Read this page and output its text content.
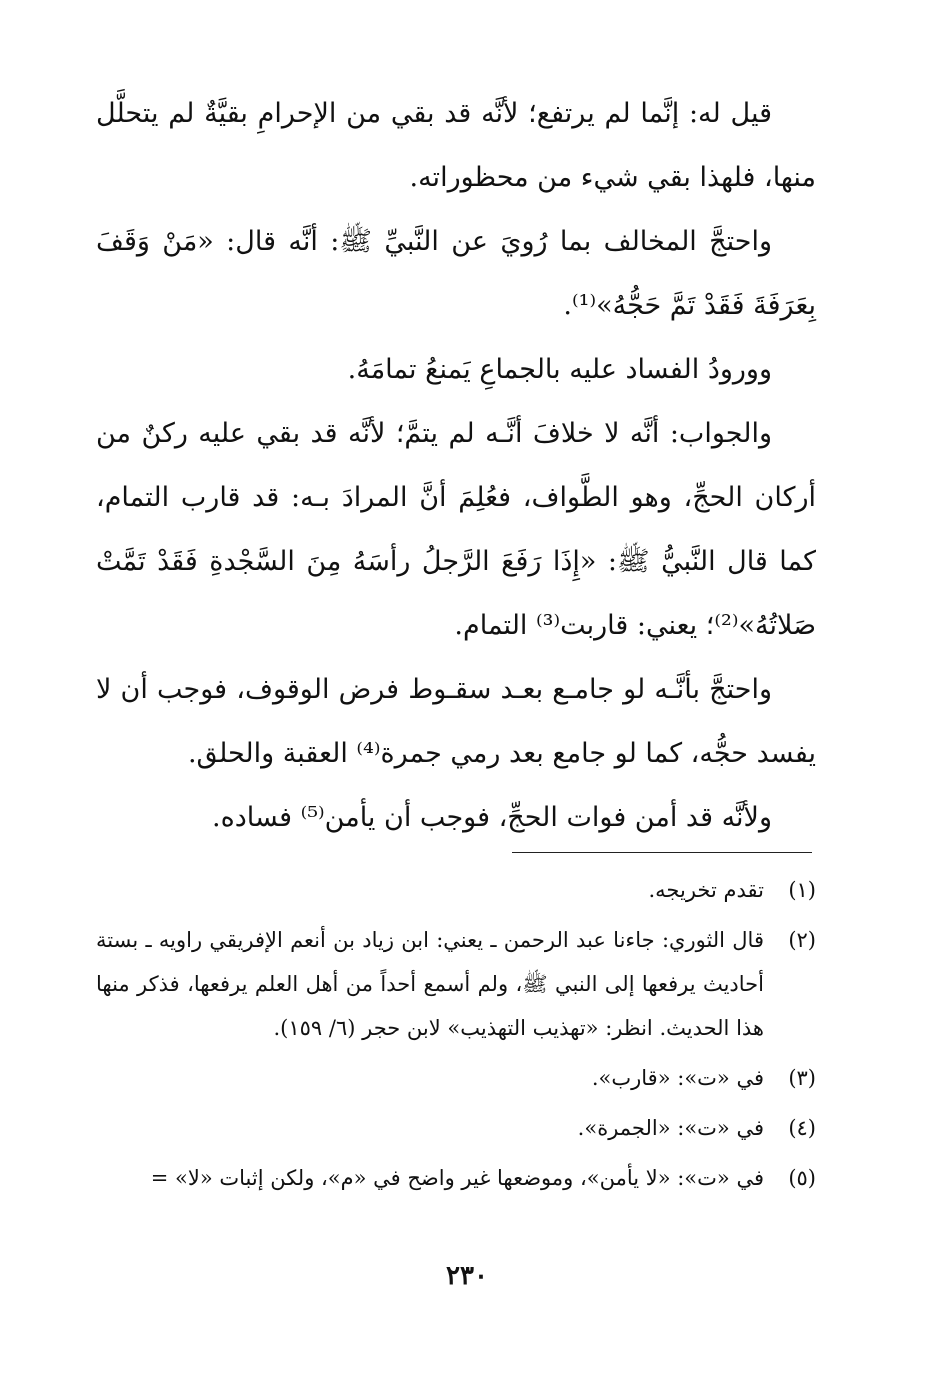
قيل له: إنَّما لم يرتفع؛ لأنَّه قد بقي من الإحرامِ بقيَّةٌ لم يتحلَّل منها، فلهذا بقي شيء من محظوراته.

واحتجَّ المخالف بما رُويَ عن النَّبيِّ ﷺ: أنَّه قال: «مَنْ وَقَفَ بِعَرَفَةَ فَقَدْ تَمَّ حَجُّهُ»⁽¹⁾.

وورودُ الفساد عليه بالجماعِ يَمنعُ تمامَهُ.

والجواب: أنَّه لا خلافَ أنَّـه لم يتمَّ؛ لأنَّه قد بقي عليه ركنٌ من أركان الحجِّ، وهو الطَّواف، فعُلِمَ أنَّ المرادَ بـه: قد قارب التمام، كما قال النَّبيُّ ﷺ: «إِذَا رَفَعَ الرَّجلُ رأسَهُ مِنَ السَّجْدةِ فَقَدْ تَمَّتْ صَلاتُهُ»⁽²⁾؛ يعني: قاربت⁽³⁾ التمام.

واحتجَّ بأنَّـه لو جامـع بعـد سقـوط فرض الوقوف، فوجب أن لا يفسد حجُّه، كما لو جامع بعد رمي جمرة⁽⁴⁾ العقبة والحلق.

ولأنَّه قد أمن فوات الحجِّ، فوجب أن يأمن⁽⁵⁾ فساده.

(١)
تقدم تخريجه.
(٢)
قال الثوري: جاءنا عبد الرحمن ـ يعني: ابن زياد بن أنعم الإفريقي راويه ـ بستة أحاديث يرفعها إلى النبي ﷺ، ولم أسمع أحداً من أهل العلم يرفعها، فذكر منها هذا الحديث. انظر: «تهذيب التهذيب» لابن حجر (٦/ ١٥٩).
(٣)
في «ت»: «قارب».
(٤)
في «ت»: «الجمرة».
(٥)
في «ت»: «لا يأمن»، وموضعها غير واضح في «م»، ولكن إثبات «لا» =
٢٣٠
